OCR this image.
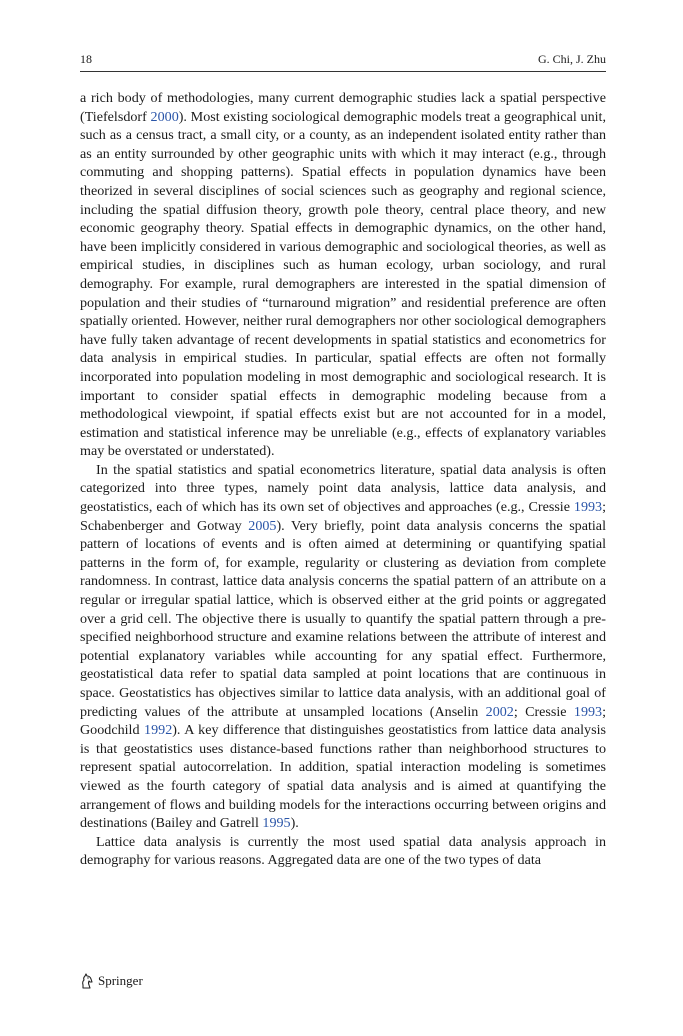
18	G. Chi, J. Zhu

a rich body of methodologies, many current demographic studies lack a spatial perspective (Tiefelsdorf 2000). Most existing sociological demographic models treat a geographical unit, such as a census tract, a small city, or a county, as an independent isolated entity rather than as an entity surrounded by other geographic units with which it may interact (e.g., through commuting and shopping patterns). Spatial effects in population dynamics have been theorized in several disciplines of social sciences such as geography and regional science, including the spatial diffusion theory, growth pole theory, central place theory, and new economic geography theory. Spatial effects in demographic dynamics, on the other hand, have been implicitly considered in various demographic and sociological theories, as well as empirical studies, in disciplines such as human ecology, urban sociology, and rural demography. For example, rural demographers are interested in the spatial dimension of population and their studies of “turnaround migration” and residential preference are often spatially oriented. However, neither rural demographers nor other sociological demographers have fully taken advantage of recent developments in spatial statistics and econometrics for data analysis in empirical studies. In particular, spatial effects are often not formally incorporated into population modeling in most demographic and sociological research. It is important to consider spatial effects in demographic modeling because from a methodological viewpoint, if spatial effects exist but are not accounted for in a model, estimation and statistical inference may be unreliable (e.g., effects of explanatory variables may be overstated or understated).

In the spatial statistics and spatial econometrics literature, spatial data analysis is often categorized into three types, namely point data analysis, lattice data analysis, and geostatistics, each of which has its own set of objectives and approaches (e.g., Cressie 1993; Schabenberger and Gotway 2005). Very briefly, point data analysis concerns the spatial pattern of locations of events and is often aimed at determining or quantifying spatial patterns in the form of, for example, regularity or clustering as deviation from complete randomness. In contrast, lattice data analysis concerns the spatial pattern of an attribute on a regular or irregular spatial lattice, which is observed either at the grid points or aggregated over a grid cell. The objective there is usually to quantify the spatial pattern through a pre-specified neighborhood structure and examine relations between the attribute of interest and potential explanatory variables while accounting for any spatial effect. Furthermore, geostatistical data refer to spatial data sampled at point locations that are continuous in space. Geostatistics has objectives similar to lattice data analysis, with an additional goal of predicting values of the attribute at unsampled locations (Anselin 2002; Cressie 1993; Goodchild 1992). A key difference that distinguishes geostatistics from lattice data analysis is that geostatistics uses distance-based functions rather than neighborhood structures to represent spatial autocorrelation. In addition, spatial interaction modeling is sometimes viewed as the fourth category of spatial data analysis and is aimed at quantifying the arrangement of flows and building models for the interactions occurring between origins and destinations (Bailey and Gatrell 1995).

Lattice data analysis is currently the most used spatial data analysis approach in demography for various reasons. Aggregated data are one of the two types of data

Springer
